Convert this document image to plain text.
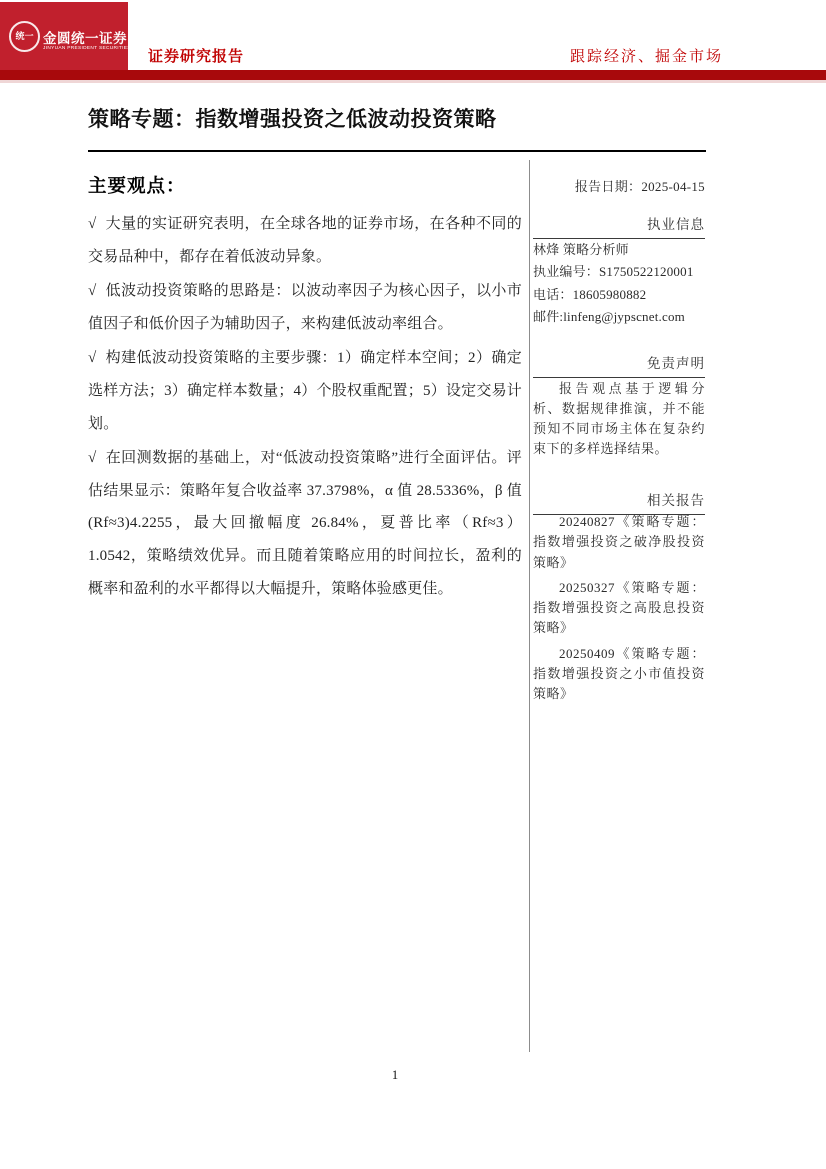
统一 金圆统一证券
JINYUAN PRESIDENT SECURITIES
证券研究报告	跟踪经济、掘金市场
策略专题：指数增强投资之低波动投资策略

主要观点：

√ 大量的实证研究表明，在全球各地的证券市场，在各种不同的交易品种中，都存在着低波动异象。

√ 低波动投资策略的思路是：以波动率因子为核心因子，以小市值因子和低价因子为辅助因子，来构建低波动率组合。

√ 构建低波动投资策略的主要步骤：1）确定样本空间；2）确定选样方法；3）确定样本数量；4）个股权重配置；5）设定交易计划。

√ 在回测数据的基础上，对“低波动投资策略”进行全面评估。评估结果显示：策略年复合收益率 37.3798%，α 值 28.5336%，β 值(Rf≈3)4.2255，最大回撤幅度 26.84%，夏普比率（Rf≈3）1.0542，策略绩效优异。而且随着策略应用的时间拉长，盈利的概率和盈利的水平都得以大幅提升，策略体验感更佳。

报告日期：2025-04-15
执业信息
林烽 策略分析师
执业编号：S1750522120001
电话：18605980882
邮件:linfeng@jypscnet.com
免责声明

报告观点基于逻辑分析、数据规律推演，并不能预知不同市场主体在复杂约束下的多样选择结果。

相关报告

20240827《策略专题：指数增强投资之破净股投资策略》

20250327《策略专题：指数增强投资之高股息投资策略》

20250409《策略专题：指数增强投资之小市值投资策略》

1
